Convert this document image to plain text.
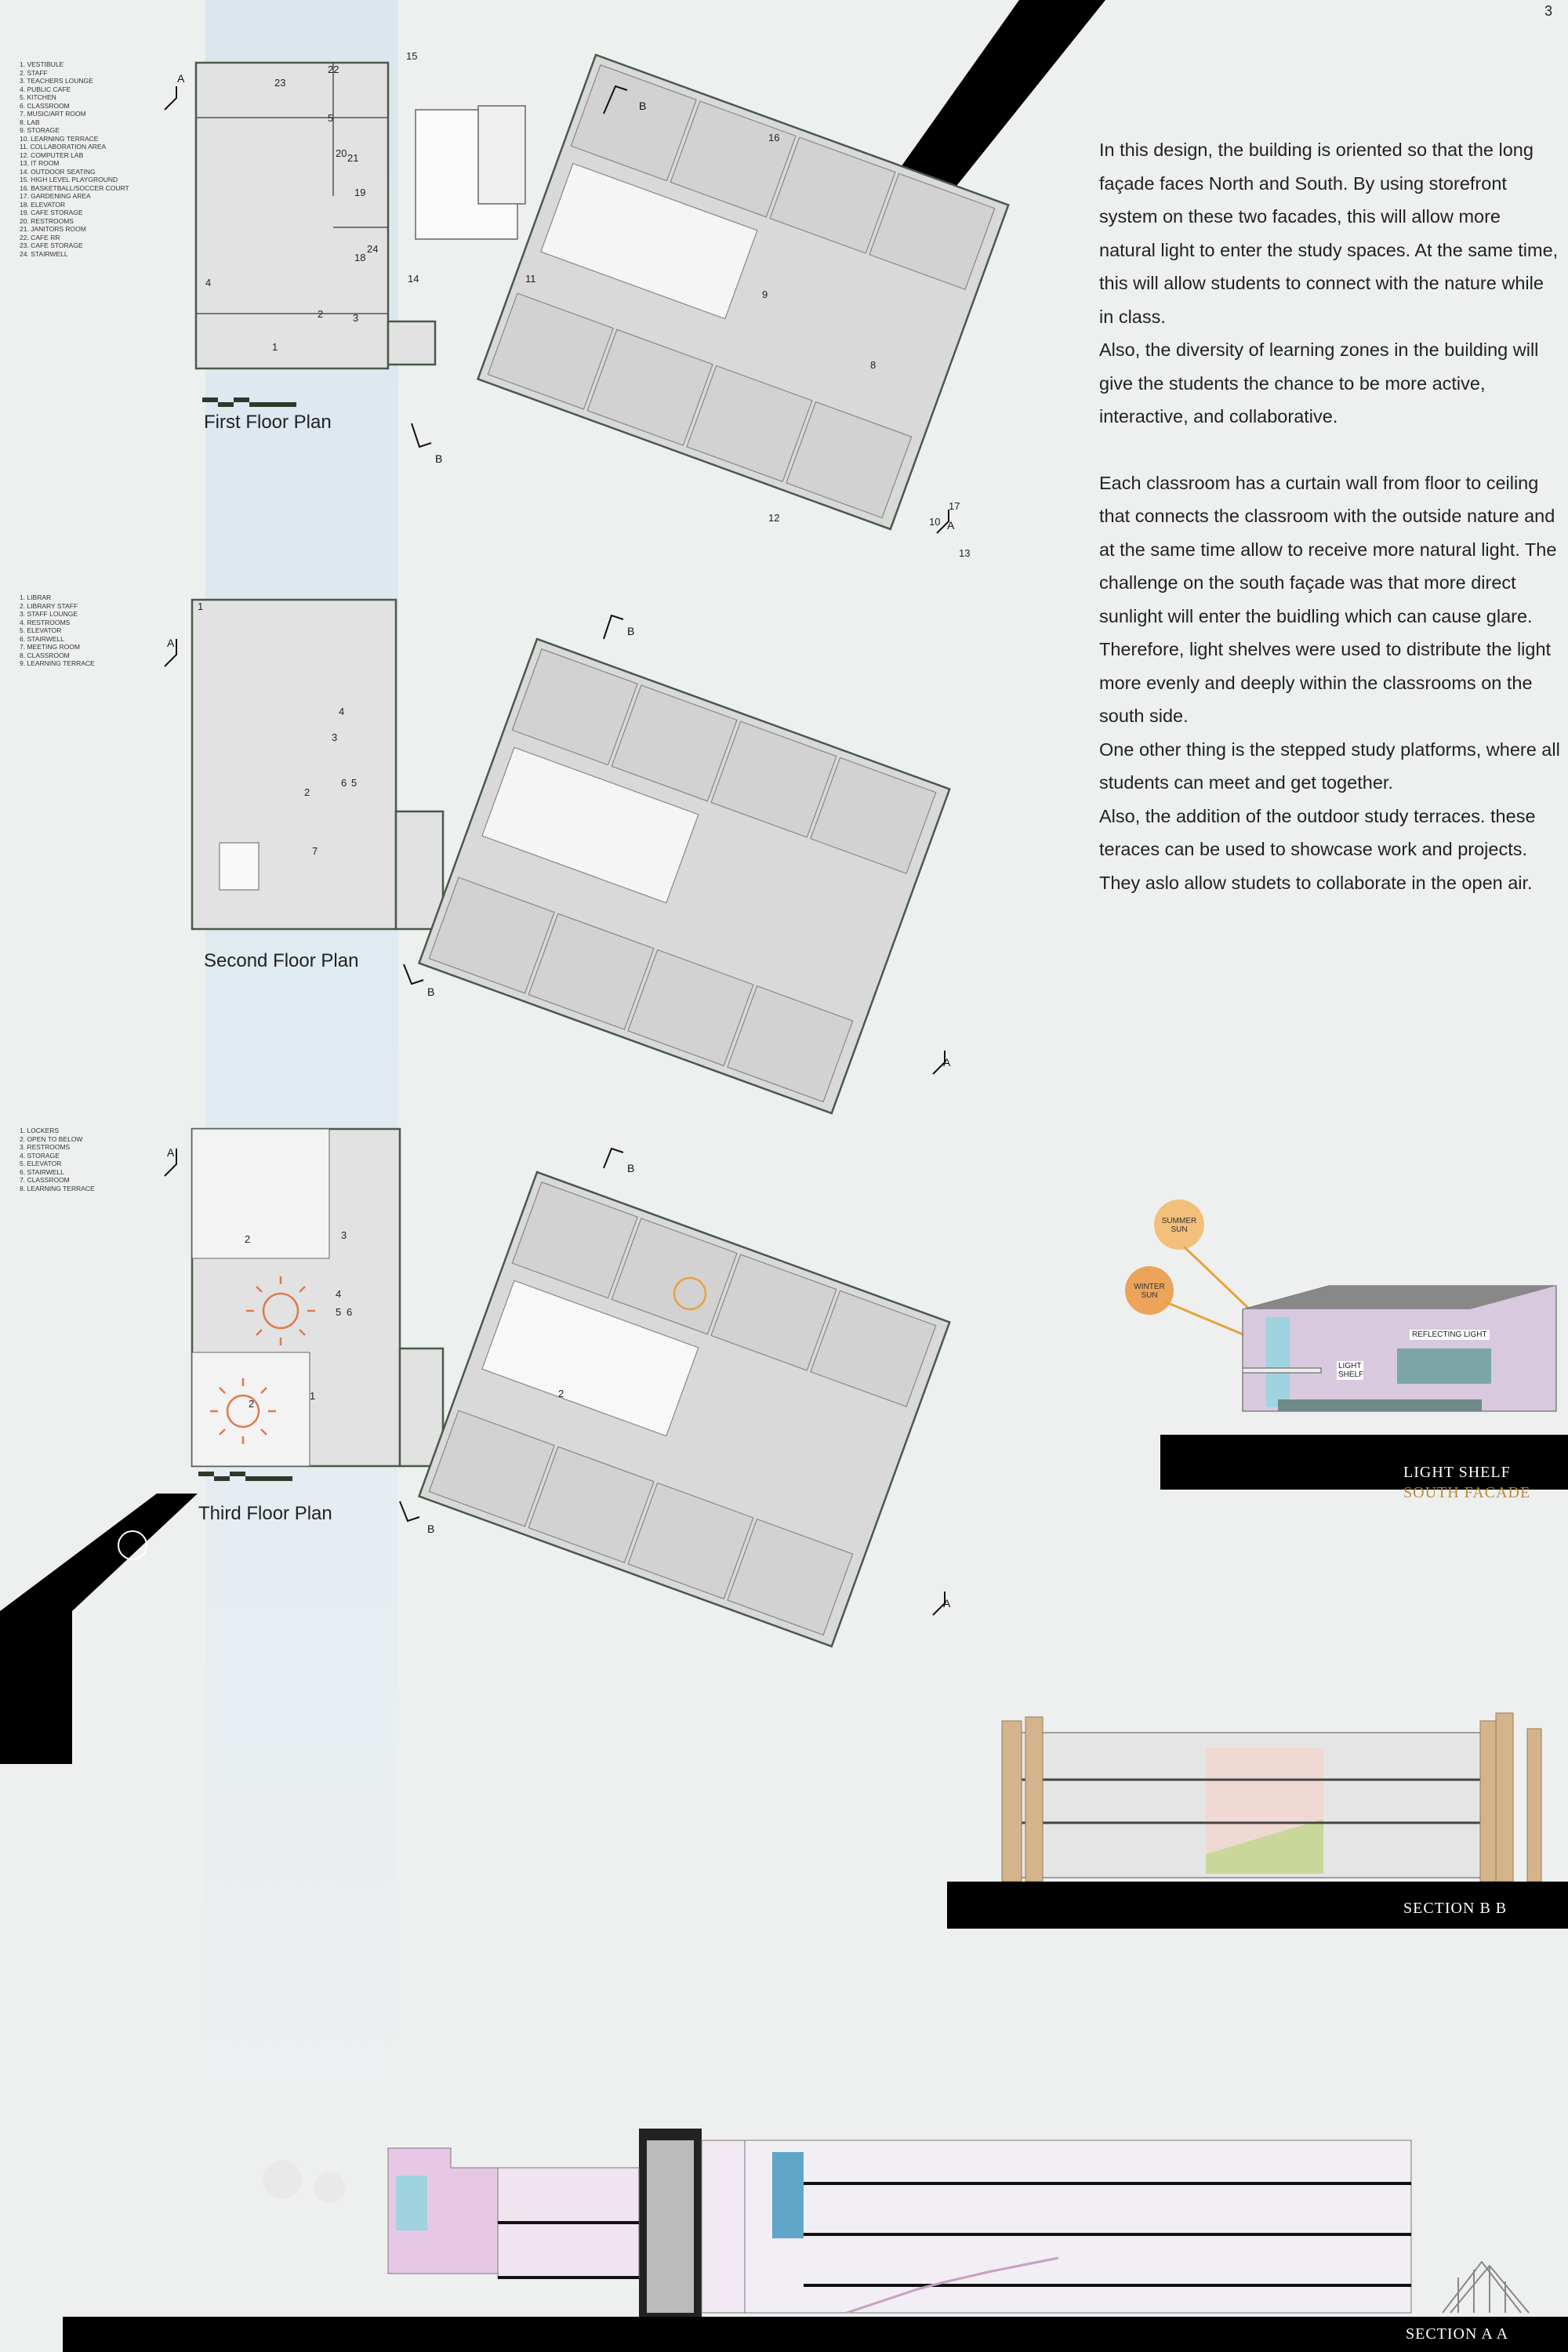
3
1. VESTIBULE
2. STAFF
3. TEACHERS LOUNGE
4. PUBLIC CAFE
5. KITCHEN
6. CLASSROOM
7. MUSIC/ART ROOM
8. LAB
9. STORAGE
10. LEARNING TERRACE
11. COLLABORATION AREA
12. COMPUTER LAB
13. IT ROOM
14. OUTDOOR SEATING
15. HIGH LEVEL PLAYGROUND
16. BASKETBALL/SOCCER COURT
17. GARDENING AREA
18. ELEVATOR
19. CAFE STORAGE
20. RESTROOMS
21. JANITORS ROOM
22. CAFE RR
23. CAFE STORAGE
24. STAIRWELL
22
23
5
20 21
19
24
18
14
15
4
2	3
1
11
16
17
9
8
10
13
12
First Floor Plan
1. LIBRAR
2. LIBRARY STAFF
3. STAFF LOUNGE
4. RESTROOMS
5. ELEVATOR
6. STAIRWELL
7. MEETING ROOM
8. CLASSROOM
9. LEARNING TERRACE
1
4
3
5
6
2
7
Second Floor Plan
1. LOCKERS
2. OPEN TO BELOW
3. RESTROOMS
4. STORAGE
5. ELEVATOR
6. STAIRWELL
7. CLASSROOM
8. LEARNING TERRACE
2	3
4
5 6
1
2
2
Third Floor Plan
A
B
B
A
A
B
B
A
A
B
B
A

In this design, the building is oriented so that the long façade faces North and South. By using storefront system on these two facades, this will allow more natural light to enter the study spaces. At the same time, this will allow students to connect with the nature while in class.

Also, the diversity of learning zones in the building will give the students the chance to be more active, interactive, and collaborative.

Each classroom has a curtain wall from floor to ceiling that connects the classroom with the outside nature and at the same time allow to receive more natural light. The

challenge on the south façade was that more direct sunlight will enter the buidling which can cause glare. Therefore, light shelves were used to distribute the light more evenly and deeply within the classrooms on the south side.

One other thing is the stepped study platforms, where all students can meet and get together.

Also, the addition of the outdoor study terraces. these teraces can be used to showcase work and projects. They aslo allow studets to collaborate in the open air.

SUMMER SUN
WINTER SUN
REFLECTING LIGHT
LIGHT SHELF
LIGHT SHELF
SOUTH FACADE
SECTION B B
SECTION A A
